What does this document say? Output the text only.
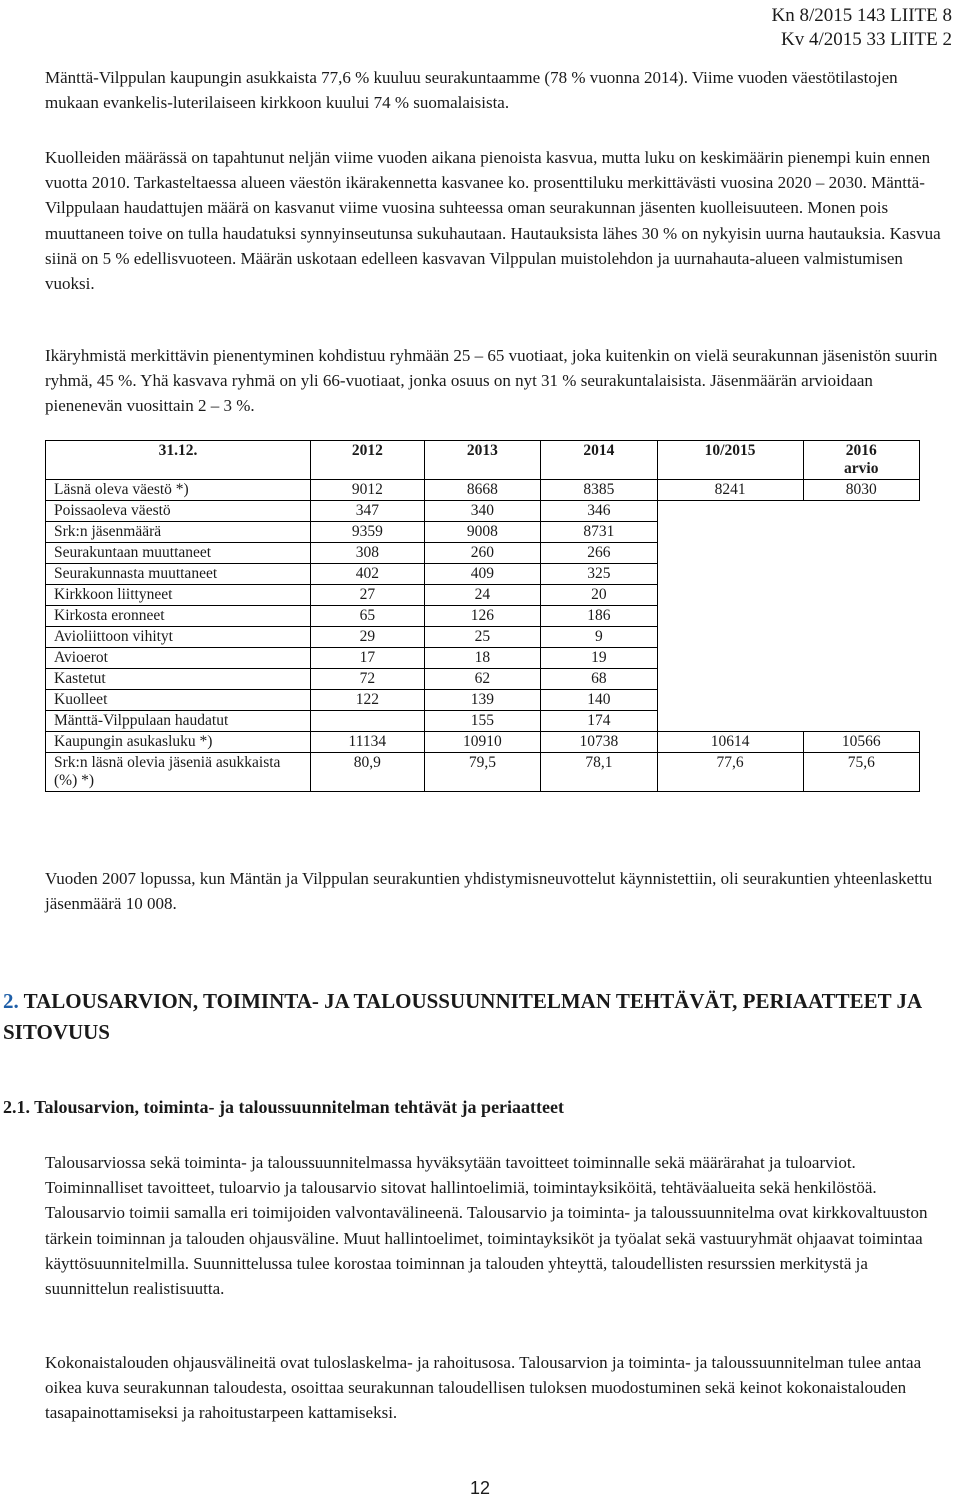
Kn 8/2015 143 LIITE 8
Kv 4/2015 33 LIITE 2

Mänttä-Vilppulan kaupungin asukkaista 77,6 % kuuluu seurakuntaamme (78 % vuonna 2014). Viime vuoden väestötilastojen mukaan evankelis-luterilaiseen kirkkoon kuului 74 % suomalaisista.

Kuolleiden määrässä on tapahtunut neljän viime vuoden aikana pienoista kasvua, mutta luku on keskimäärin pienempi kuin ennen vuotta 2010. Tarkasteltaessa alueen väestön ikärakennetta kasvanee ko. prosenttiluku merkittävästi vuosina 2020 – 2030. Mänttä-Vilppulaan haudattujen määrä on kasvanut viime vuosina suhteessa oman seurakunnan jäsenten kuolleisuuteen. Monen pois muuttaneen toive on tulla haudatuksi synnyinseutunsa sukuhautaan. Hautauksista lähes 30 % on nykyisin uurna hautauksia. Kasvua siinä on 5 % edellisvuoteen. Määrän uskotaan edelleen kasvavan Vilppulan muistolehdon ja uurnahauta-alueen valmistumisen vuoksi.

Ikäryhmistä merkittävin pienentyminen kohdistuu ryhmään 25 – 65 vuotiaat, joka kuitenkin on vielä seurakunnan jäsenistön suurin ryhmä, 45 %. Yhä kasvava ryhmä on yli 66-vuotiaat, jonka osuus on nyt 31 % seurakuntalaisista. Jäsenmäärän arvioidaan pienenevän vuosittain 2 – 3 %.

31.12.	2012	2013	2014	10/2015	2016
arvio
Läsnä oleva väestö *)	9012	8668	8385	8241	8030
Poissaoleva väestö	347	340	346		
Srk:n jäsenmäärä	9359	9008	8731		
Seurakuntaan muuttaneet	308	260	266		
Seurakunnasta muuttaneet	402	409	325		
Kirkkoon liittyneet	27	24	20		
Kirkosta eronneet	65	126	186		
Avioliittoon vihityt	29	25	9		
Avioerot	17	18	19		
Kastetut	72	62	68		
Kuolleet	122	139	140		
Mänttä-Vilppulaan haudatut		155	174		
Kaupungin asukasluku *)	11134	10910	10738	10614	10566
Srk:n läsnä olevia jäseniä asukkaista (%) *)	80,9	79,5	78,1	77,6	75,6

Vuoden 2007 lopussa, kun Mäntän ja Vilppulan seurakuntien yhdistymisneuvottelut käynnistettiin, oli seurakuntien yhteenlaskettu jäsenmäärä 10 008.

2. TALOUSARVION, TOIMINTA- JA TALOUSSUUNNITELMAN TEHTÄVÄT, PERIAATTEET JA SITOVUUS
2.1. Talousarvion, toiminta- ja taloussuunnitelman tehtävät ja periaatteet

Talousarviossa sekä toiminta- ja taloussuunnitelmassa hyväksytään tavoitteet toiminnalle sekä määrärahat ja tuloarviot. Toiminnalliset tavoitteet, tuloarvio ja talousarvio sitovat hallintoelimiä, toimintayksiköitä, tehtäväalueita sekä henkilöstöä. Talousarvio toimii samalla eri toimijoiden valvontavälineenä. Talousarvio ja toiminta- ja taloussuunnitelma ovat kirkkovaltuuston tärkein toiminnan ja talouden ohjausväline. Muut hallintoelimet, toimintayksiköt ja työalat sekä vastuuryhmät ohjaavat toimintaa käyttösuunnitelmilla. Suunnittelussa tulee korostaa toiminnan ja talouden yhteyttä, taloudellisten resurssien merkitystä ja suunnittelun realistisuutta.

Kokonaistalouden ohjausvälineitä ovat tuloslaskelma- ja rahoitusosa. Talousarvion ja toiminta- ja taloussuunnitelman tulee antaa oikea kuva seurakunnan taloudesta, osoittaa seurakunnan taloudellisen tuloksen muodostuminen sekä keinot kokonaistalouden tasapainottamiseksi ja rahoitustarpeen kattamiseksi.

12
